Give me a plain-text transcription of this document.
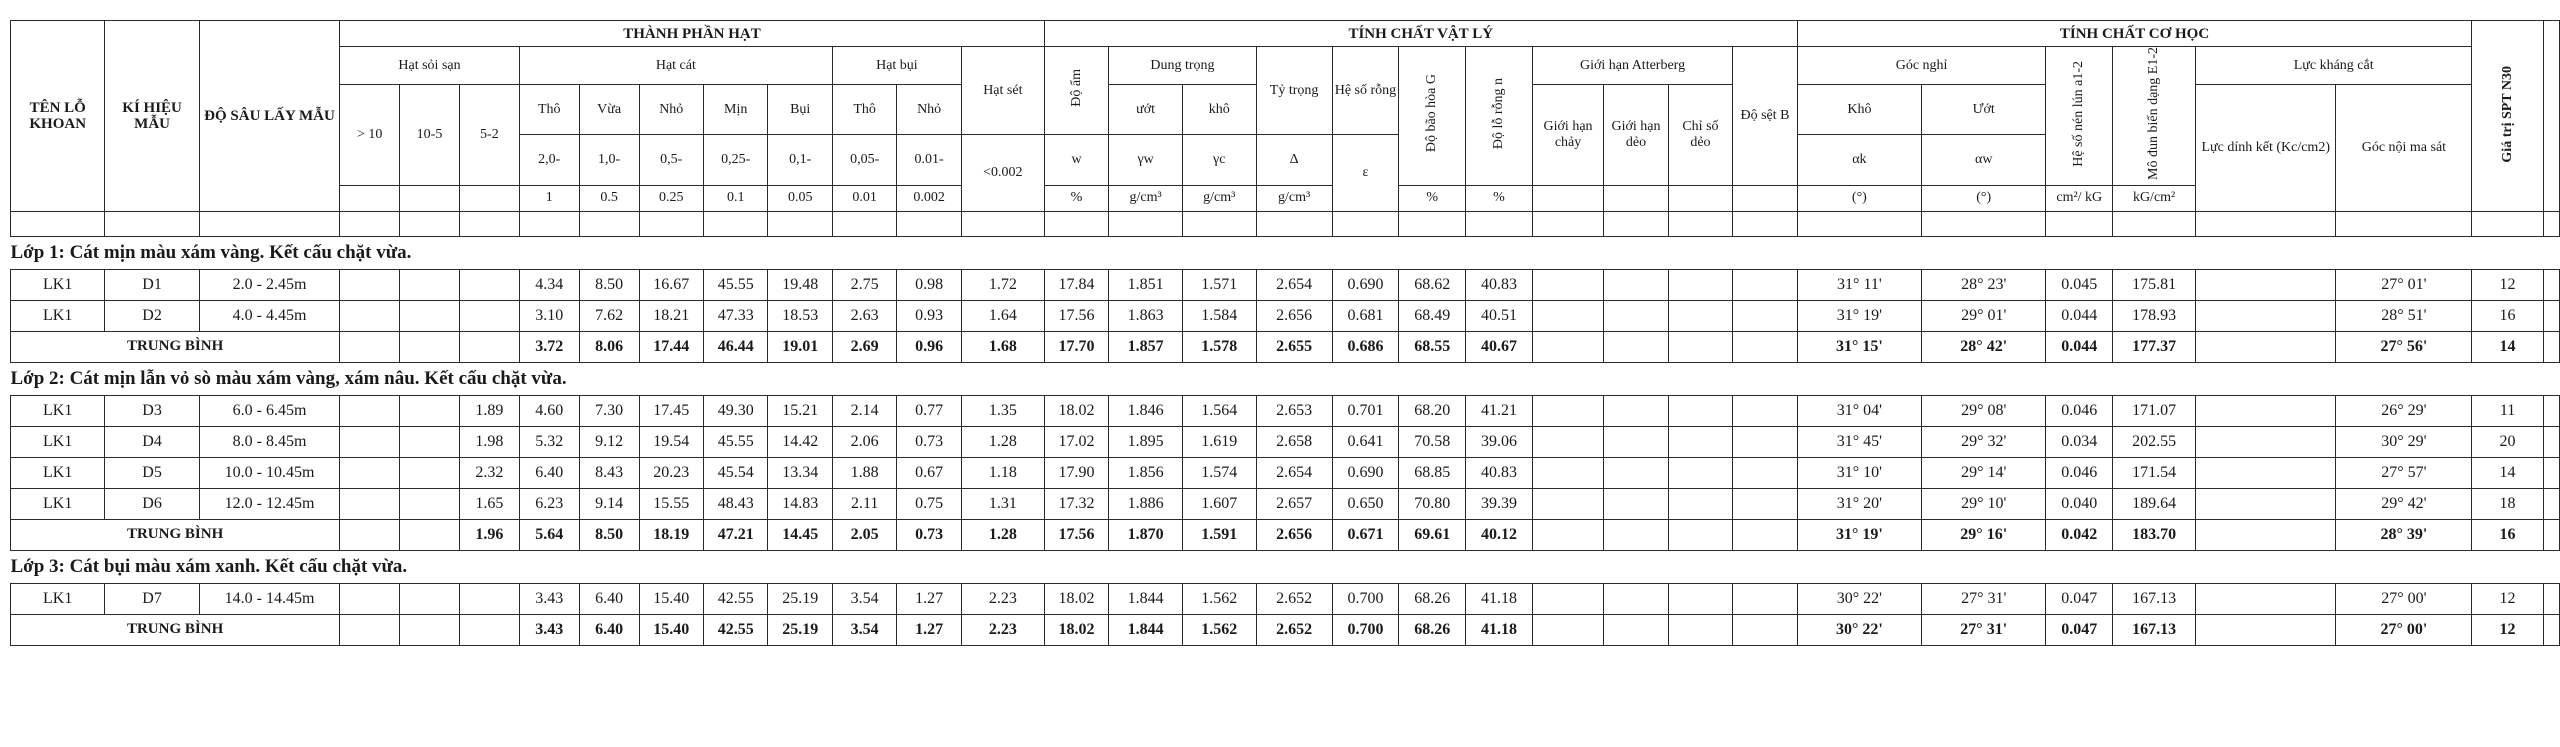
TÊN LỖ KHOAN	KÍ HIỆU MẪU	ĐỘ SÂU LẤY MẪU	THÀNH PHẦN HẠT											TÍNH CHẤT VẬT LÝ											TÍNH CHẤT CƠ HỌC						Giá trị SPT N30	
			Hạt sỏi sạn			Hạt cát					Hạt bụi		Hạt sét	Độ ẩm	Dung trọng		Tỷ trọng	Hệ số rỗng	Độ bão hòa G	Độ lỗ rỗng n	Giới hạn Atterberg			Độ sệt B	Góc nghỉ		Hệ số nén lún a1-2	Mô đun biến dạng E1-2	Lực kháng cắt			
			> 10	10-5	5-2	Thô	Vừa	Nhỏ	Mịn	Bụi	Thô	Nhỏ			ướt	khô					Giới hạn chảy	Giới hạn dẻo	Chỉ số dẻo		Khô	Ướt			Lực dính kết (Kc/cm2)	Góc nội ma sát		
						2,0-	1,0-	0,5-	0,25-	0,1-	0,05-	0.01-	<0.002	w	γw	γc	Δ	ε							αk	αw						
						1	0.5	0.25	0.1	0.05	0.01	0.002		%	g/cm³	g/cm³	g/cm³		%	%					(°)	(°)	cm²/ kG	kG/cm²				

Lớp 1: Cát mịn màu xám vàng. Kết cấu chặt vừa.																																
LK1	D1	2.0 - 2.45m				4.34	8.50	16.67	45.55	19.48	2.75	0.98	1.72	17.84	1.851	1.571	2.654	0.690	68.62	40.83					31° 11'	28° 23'	0.045	175.81		27° 01'	12	
LK1	D2	4.0 - 4.45m				3.10	7.62	18.21	47.33	18.53	2.63	0.93	1.64	17.56	1.863	1.584	2.656	0.681	68.49	40.51					31° 19'	29° 01'	0.044	178.93		28° 51'	16	
TRUNG BÌNH						3.72	8.06	17.44	46.44	19.01	2.69	0.96	1.68	17.70	1.857	1.578	2.655	0.686	68.55	40.67					31° 15'	28° 42'	0.044	177.37		27° 56'	14	
Lớp 2: Cát mịn lẫn vỏ sò màu xám vàng, xám nâu. Kết cấu chặt vừa.																																
LK1	D3	6.0 - 6.45m			1.89	4.60	7.30	17.45	49.30	15.21	2.14	0.77	1.35	18.02	1.846	1.564	2.653	0.701	68.20	41.21					31° 04'	29° 08'	0.046	171.07		26° 29'	11	
LK1	D4	8.0 - 8.45m			1.98	5.32	9.12	19.54	45.55	14.42	2.06	0.73	1.28	17.02	1.895	1.619	2.658	0.641	70.58	39.06					31° 45'	29° 32'	0.034	202.55		30° 29'	20	
LK1	D5	10.0 - 10.45m			2.32	6.40	8.43	20.23	45.54	13.34	1.88	0.67	1.18	17.90	1.856	1.574	2.654	0.690	68.85	40.83					31° 10'	29° 14'	0.046	171.54		27° 57'	14	
LK1	D6	12.0 - 12.45m			1.65	6.23	9.14	15.55	48.43	14.83	2.11	0.75	1.31	17.32	1.886	1.607	2.657	0.650	70.80	39.39					31° 20'	29° 10'	0.040	189.64		29° 42'	18	
TRUNG BÌNH					1.96	5.64	8.50	18.19	47.21	14.45	2.05	0.73	1.28	17.56	1.870	1.591	2.656	0.671	69.61	40.12					31° 19'	29° 16'	0.042	183.70		28° 39'	16	
Lớp 3: Cát bụi màu xám xanh. Kết cấu chặt vừa.																																
LK1	D7	14.0 - 14.45m				3.43	6.40	15.40	42.55	25.19	3.54	1.27	2.23	18.02	1.844	1.562	2.652	0.700	68.26	41.18					30° 22'	27° 31'	0.047	167.13		27° 00'	12	
TRUNG BÌNH						3.43	6.40	15.40	42.55	25.19	3.54	1.27	2.23	18.02	1.844	1.562	2.652	0.700	68.26	41.18					30° 22'	27° 31'	0.047	167.13		27° 00'	12	
